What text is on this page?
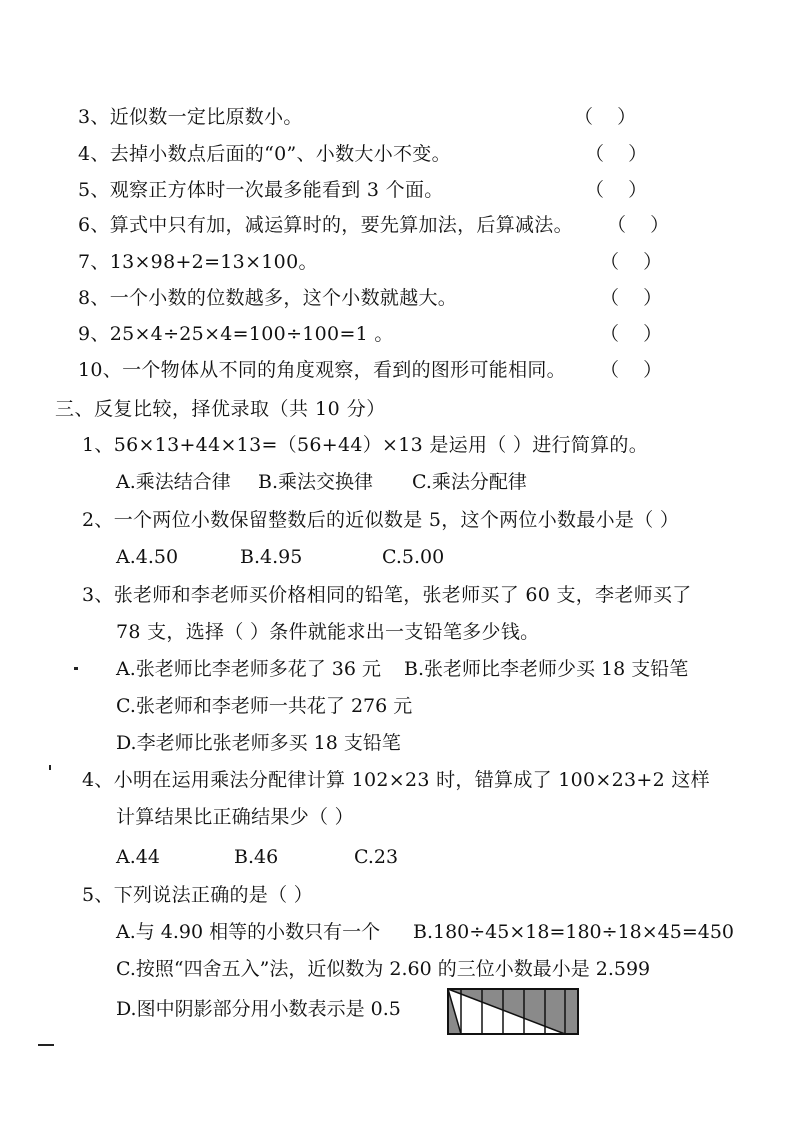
3、近似数一定比原数小。	（    ）
4、去掉小数点后面的“0”、小数大小不变。	（    ）
5、观察正方体时一次最多能看到 3 个面。	（    ）
6、算式中只有加，减运算时的，要先算加法，后算减法。 （    ）
7、13×98+2=13×100。	（    ）
8、一个小数的位数越多，这个小数就越大。	（    ）
9、25×4÷25×4=100÷100=1 。	（    ）
10、一个物体从不同的角度观察，看到的图形可能相同。 （    ）
三、反复比较，择优录取（共 10 分）
1、56×13+44×13=（56+44）×13 是运用（ ）进行简算的。
A.乘法结合律 B.乘法交换律 C.乘法分配律
2、一个两位小数保留整数后的近似数是 5，这个两位小数最小是（ ）
A.4.50	B.4.95	C.5.00
3、张老师和李老师买价格相同的铅笔，张老师买了 60 支，李老师买了
78 支，选择（ ）条件就能求出一支铅笔多少钱。
A.张老师比李老师多花了 36 元 B.张老师比李老师少买 18 支铅笔
C.张老师和李老师一共花了 276 元
D.李老师比张老师多买 18 支铅笔
4、小明在运用乘法分配律计算 102×23 时，错算成了 100×23+2 这样
计算结果比正确结果少（ ）
A.44	B.46	C.23
5、下列说法正确的是（ ）
A.与 4.90 相等的小数只有一个 B.180÷45×18=180÷18×45=450
C.按照“四舍五入”法，近似数为 2.60 的三位小数最小是 2.599
D.图中阴影部分用小数表示是 0.5
